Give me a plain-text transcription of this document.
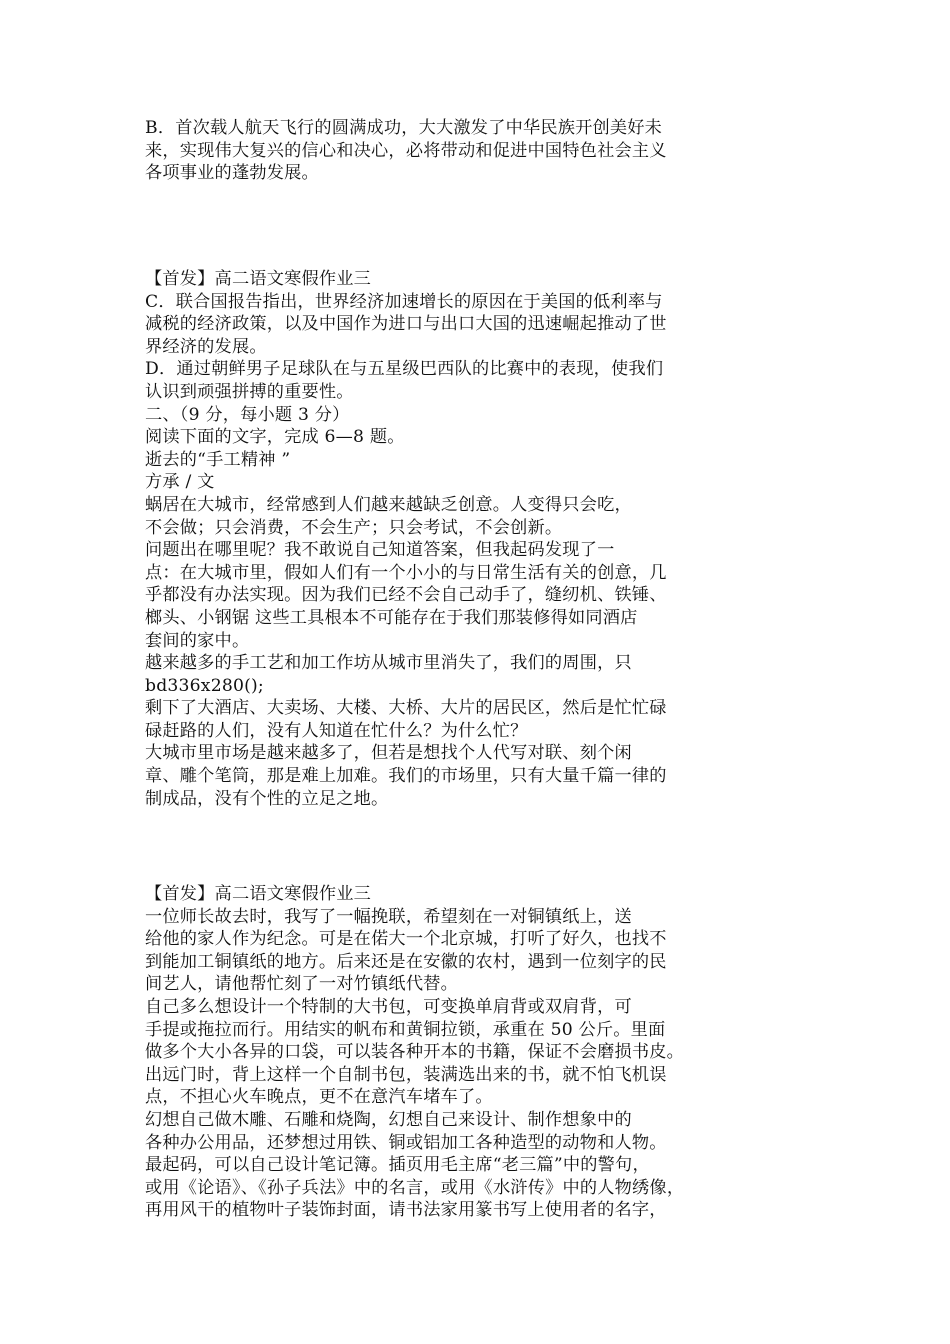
B．首次载人航天飞行的圆满成功，大大激发了中华民族开创美好未
来，实现伟大复兴的信心和决心，必将带动和促进中国特色社会主义
各项事业的蓬勃发展。
【首发】高二语文寒假作业三
C．联合国报告指出，世界经济加速增长的原因在于美国的低利率与
减税的经济政策，以及中国作为进口与出口大国的迅速崛起推动了世
界经济的发展。
D．通过朝鲜男子足球队在与五星级巴西队的比赛中的表现，使我们
认识到顽强拼搏的重要性。
二、（9 分，每小题 3 分）
阅读下面的文字，完成 6—8 题。
逝去的“手工精神 ”
方承 / 文
蜗居在大城市，经常感到人们越来越缺乏创意。人变得只会吃，
不会做；只会消费，不会生产；只会考试，不会创新。
问题出在哪里呢？我不敢说自己知道答案，但我起码发现了一
点：在大城市里，假如人们有一个小小的与日常生活有关的创意，几
乎都没有办法实现。因为我们已经不会自己动手了，缝纫机、铁锤、
榔头、小钢锯 这些工具根本不可能存在于我们那装修得如同酒店
套间的家中。
越来越多的手工艺和加工作坊从城市里消失了，我们的周围，只
bd336x280();
剩下了大酒店、大卖场、大楼、大桥、大片的居民区，然后是忙忙碌
碌赶路的人们，没有人知道在忙什么？为什么忙？
大城市里市场是越来越多了，但若是想找个人代写对联、刻个闲
章、雕个笔筒，那是难上加难。我们的市场里，只有大量千篇一律的
制成品，没有个性的立足之地。
【首发】高二语文寒假作业三
一位师长故去时，我写了一幅挽联，希望刻在一对铜镇纸上，送
给他的家人作为纪念。可是在偌大一个北京城，打听了好久，也找不
到能加工铜镇纸的地方。后来还是在安徽的农村，遇到一位刻字的民
间艺人，请他帮忙刻了一对竹镇纸代替。
自己多么想设计一个特制的大书包，可变换单肩背或双肩背，可
手提或拖拉而行。用结实的帆布和黄铜拉锁，承重在 50 公斤。里面
做多个大小各异的口袋，可以装各种开本的书籍，保证不会磨损书皮。
出远门时，背上这样一个自制书包，装满选出来的书，就不怕飞机误
点，不担心火车晚点，更不在意汽车堵车了。
幻想自己做木雕、石雕和烧陶，幻想自己来设计、制作想象中的
各种办公用品，还梦想过用铁、铜或铝加工各种造型的动物和人物。
最起码，可以自己设计笔记簿。插页用毛主席“老三篇”中的警句，
或用《论语》、《孙子兵法》中的名言，或用《水浒传》中的人物绣像，
再用风干的植物叶子装饰封面，请书法家用篆书写上使用者的名字，
